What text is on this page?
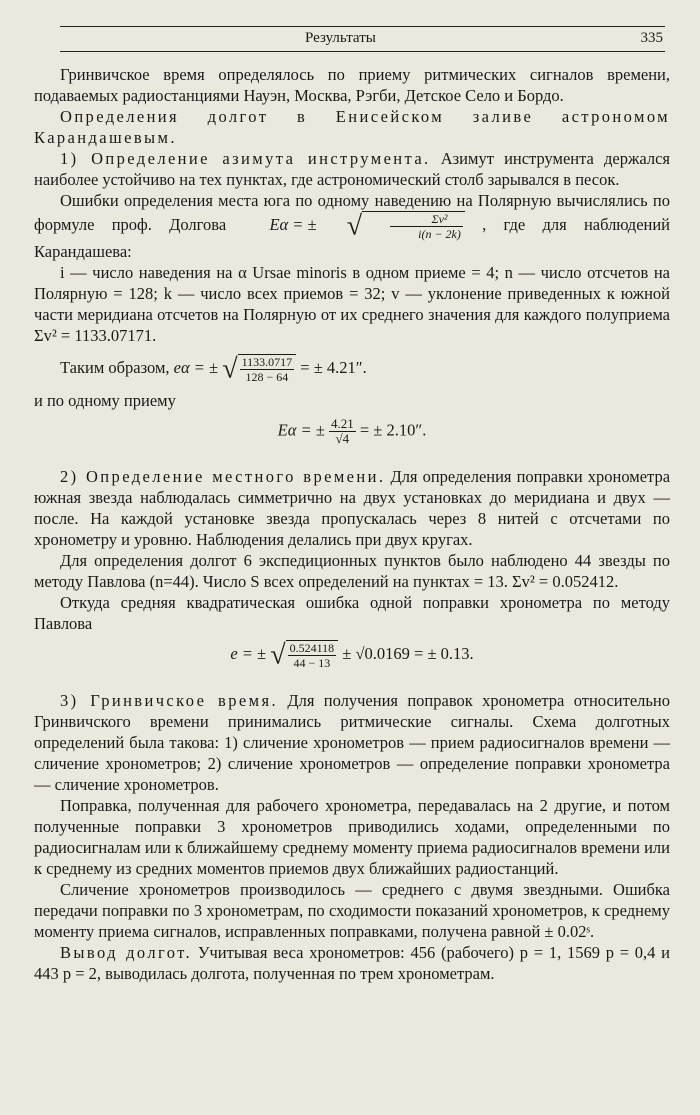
Результаты	335

Гринвичское время определялось по приему ритмических сигналов времени, подаваемых радиостанциями Науэн, Москва, Рэгби, Детское Село и Бордо.

Определения долгот в Енисейском заливе астрономом Карандашевым.

1) Определение азимута инструмента. Азимут инструмента держался наиболее устойчиво на тех пунктах, где астрономический столб зарывался в песок.

Ошибки определения места юга по одному наведению на Полярную вычислялись по формуле проф. Долгова	Eα = ± √ $\frac{\text{Σv²}}{i(n - 2k)}$ , где для наблюдений Карандашева:

i — число наведения на α Ursae minoris в одном приеме = 4; n — число отсчетов на Полярную = 128; k — число всех приемов = 32; v — уклонение приведенных к южной части меридиана отсчетов на Полярную от их среднего значения для каждого полуприема Σv² = 1133.07171.

Таким образом, eα = ± √ $\frac{1133.0717}{128 - 64}$ = ± 4.21″.

и по одному приему

Eα = ± $\frac{4.21}{√4}$ = ± 2.10″.

2) Определение местного времени. Для определения поправки хронометра южная звезда наблюдалась симметрично на двух установках до меридиана и двух — после. На каждой установке звезда пропускалась через 8 нитей с отсчетами по хронометру и уровню. Наблюдения делались при двух кругах.

Для определения долгот 6 экспедиционных пунктов было наблюдено 44 звезды по методу Павлова (n=44). Число S всех определений на пунктах = 13. Σv² = 0.052412.

Откуда средняя квадратическая ошибка одной поправки хронометра по методу Павлова

e = ± √ $\frac{0.524118}{44 - 13} \pm √0.0169$ = ± 0.13.

3) Гринвичское время. Для получения поправок хронометра относительно Гринвичского времени принимались ритмические сигналы. Схема долготных определений была такова: 1) сличение хронометров — прием радиосигналов времени — сличение хронометров; 2) сличение хронометров — определение поправки хронометра — сличение хронометров.

Поправка, полученная для рабочего хронометра, передавалась на 2 другие, и потом полученные поправки 3 хронометров приводились ходами, определенными по радиосигналам или к ближайшему среднему моменту приема радиосигналов времени или к среднему из средних моментов приемов двух ближайших радиостанций.

Сличение хронометров производилось — среднего с двумя звездными. Ошибка передачи поправки по 3 хронометрам, по сходимости показаний хронометров, к среднему моменту приема сигналов, исправленных поправками, получена равной ± 0.02ˢ.

Вывод долгот. Учитывая веса хронометров: 456 (рабочего) p = 1, 1569 p = 0,4 и 443 p = 2, выводилась долгота, полученная по трем хронометрам.
